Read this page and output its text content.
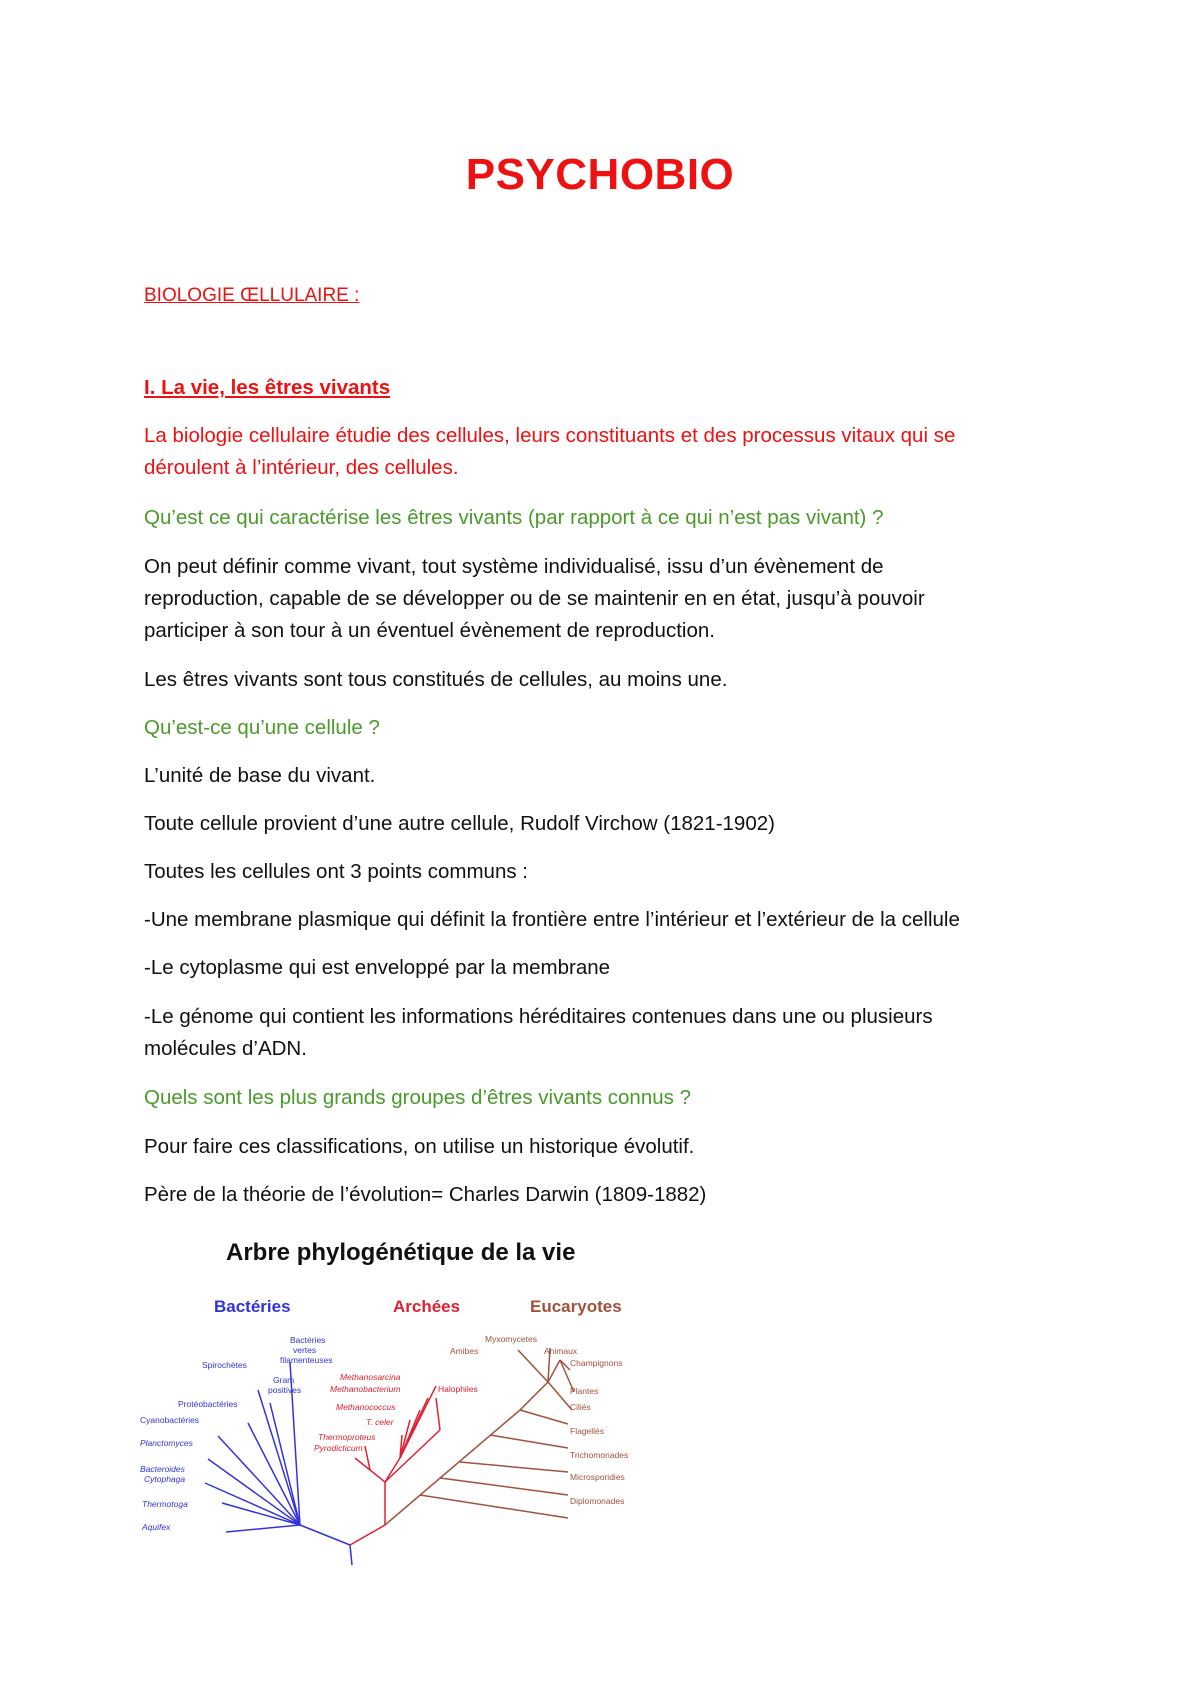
PSYCHOBIO
BIOLOGIE ŒLLULAIRE :
I. La vie, les êtres vivants
La biologie cellulaire étudie des cellules, leurs constituants et des processus vitaux qui se
déroulent à l’intérieur, des cellules.
Qu’est ce qui caractérise les êtres vivants (par rapport à ce qui n’est pas vivant) ?
On peut définir comme vivant, tout système individualisé, issu d’un évènement de
reproduction, capable de se développer ou de se maintenir en en état, jusqu’à pouvoir
participer à son tour à un éventuel évènement de reproduction.
Les êtres vivants sont tous constitués de cellules, au moins une.
Qu’est-ce qu’une cellule ?
L’unité de base du vivant.
Toute cellule provient d’une autre cellule, Rudolf Virchow (1821-1902)
Toutes les cellules ont 3 points communs :
-Une membrane plasmique qui définit la frontière entre l’intérieur et l’extérieur de la cellule
-Le cytoplasme qui est enveloppé par la membrane
-Le génome qui contient les informations héréditaires contenues dans une ou plusieurs
molécules d’ADN.
Quels sont les plus grands groupes d’êtres vivants connus ?
Pour faire ces classifications, on utilise un historique évolutif.
Père de la théorie de l’évolution= Charles Darwin (1809-1882)
Arbre phylogénétique de la vie
Bactéries	Archées	Eucaryotes
Bactéries
vertes
filamenteuses
Spirochètes
Gram
positives
Protéobactéries
Cyanobactéries
Planctomyces
Bacteroides
Cytophaga
Thermotoga
Aquifex
Methanosarcina
Methanobacterium
Methanococcus
T. celer
Thermoproteus
Pyrodicticum
Halophiles
Myxomycetes
Amibes	Animaux
Champignons
Plantes
Ciliés
Flagellés
Trichomonades
Microsporidies
Diplomonades
